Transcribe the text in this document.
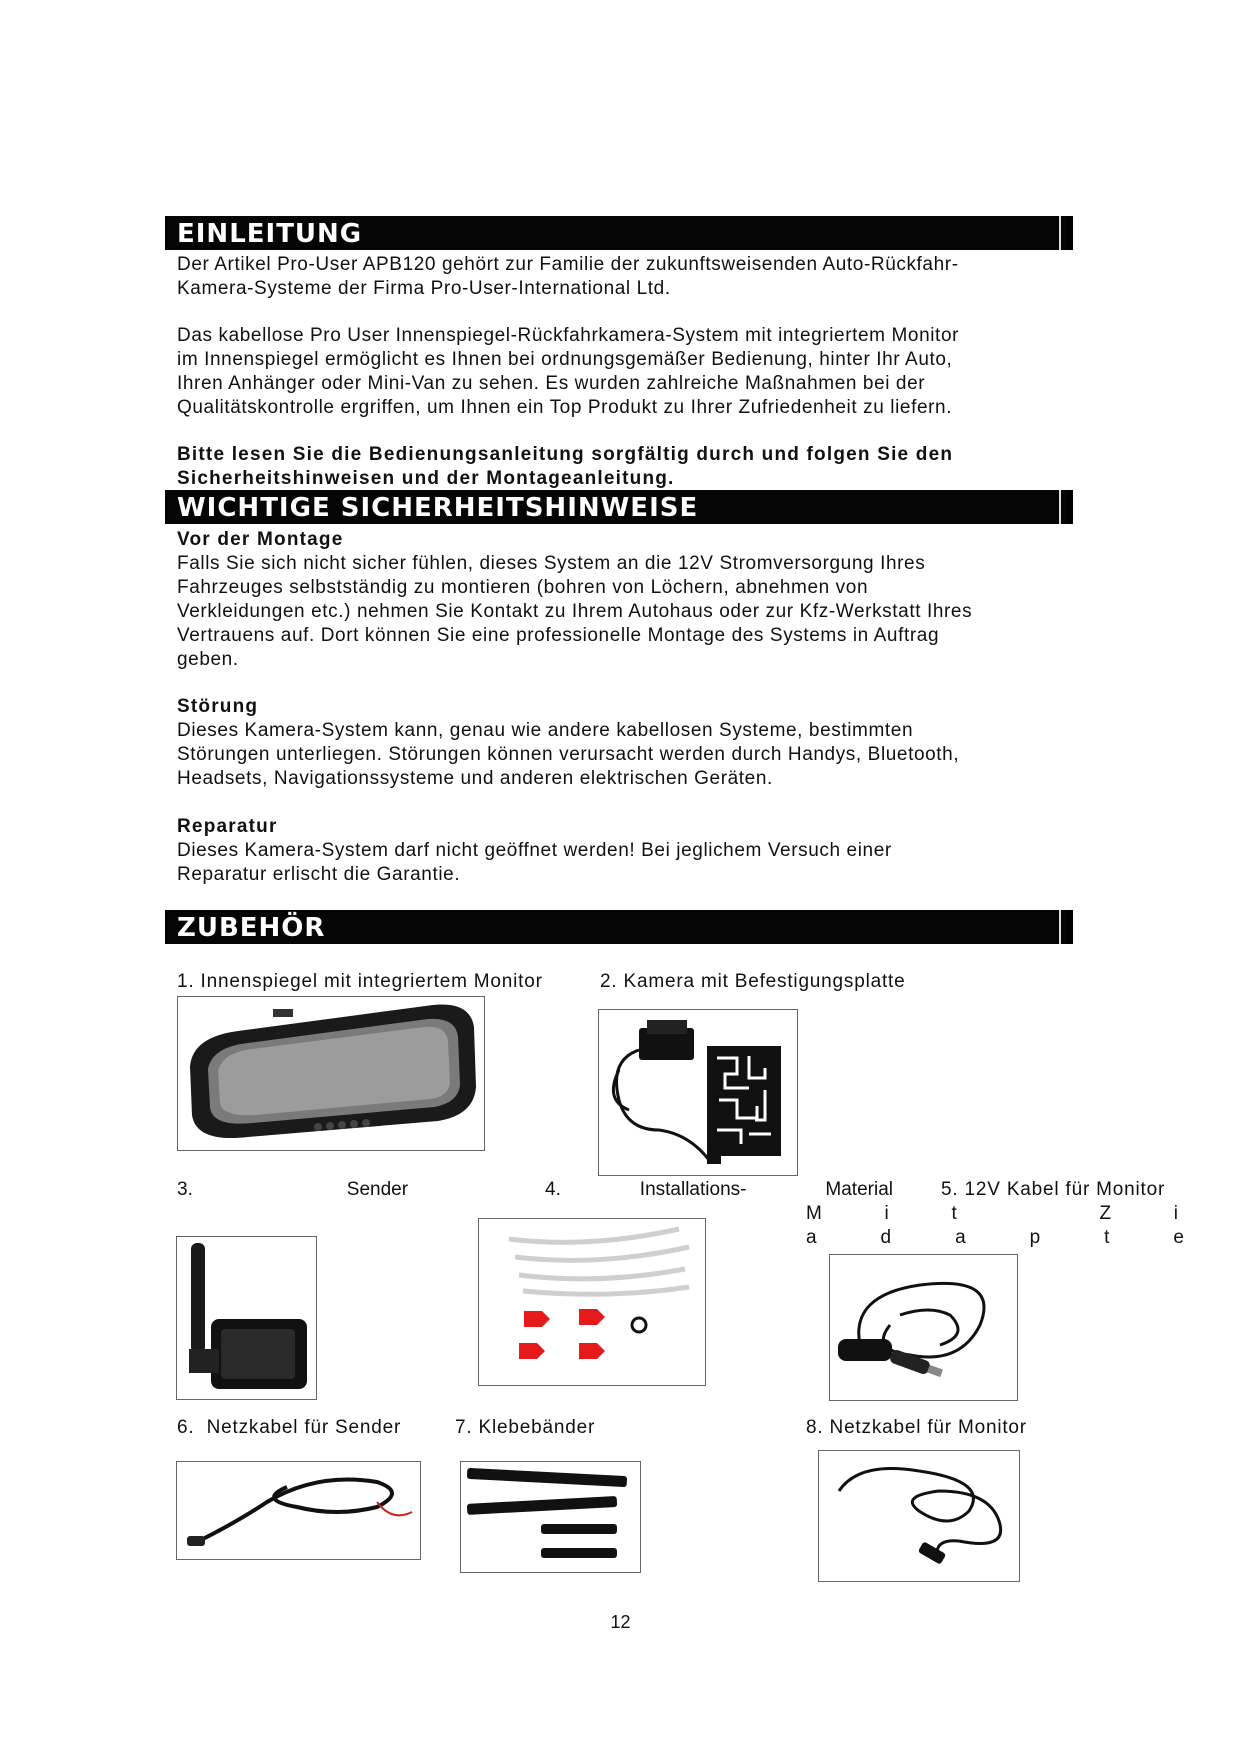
EINLEITUNG

Der Artikel Pro-User APB120 gehört zur Familie der zukunftsweisenden Auto-Rückfahr-
Kamera-Systeme der Firma Pro-User-International Ltd.

Das kabellose Pro User Innenspiegel-Rückfahrkamera-System mit integriertem Monitor
im Innenspiegel ermöglicht es Ihnen bei ordnungsgemäßer Bedienung, hinter Ihr Auto,
Ihren Anhänger oder Mini-Van zu sehen. Es wurden zahlreiche Maßnahmen bei der
Qualitätskontrolle ergriffen, um Ihnen ein Top Produkt zu Ihrer Zufriedenheit zu liefern.

Bitte lesen Sie die Bedienungsanleitung sorgfältig durch und folgen Sie den
Sicherheitshinweisen und der Montageanleitung.

WICHTIGE SICHERHEITSHINWEISE

Vor der Montage

Falls Sie sich nicht sicher fühlen, dieses System an die 12V Stromversorgung Ihres
Fahrzeuges selbstständig zu montieren (bohren von Löchern, abnehmen von
Verkleidungen etc.) nehmen Sie Kontakt zu Ihrem Autohaus oder zur Kfz-Werkstatt Ihres
Vertrauens auf. Dort können Sie eine professionelle Montage des Systems in Auftrag
geben.

Störung

Dieses Kamera-System kann, genau wie andere kabellosen Systeme, bestimmten
Störungen unterliegen. Störungen können verursacht werden durch Handys, Bluetooth,
Headsets, Navigationssysteme und anderen elektrischen Geräten.

Reparatur

Dieses Kamera-System darf nicht geöffnet werden! Bei jeglichem Versuch einer
Reparatur erlischt die Garantie.

ZUBEHÖR
1. Innenspiegel mit integriertem Monitor	2. Kamera mit Befestigungsplatte
3.	Sender	4.	Installations-	Material	5. 12V Kabel für Monitor
M	i	t	Z	i
a	d	a	p	t	e
6. Netzkabel für Sender	7. Klebebänder	8. Netzkabel für Monitor
12
